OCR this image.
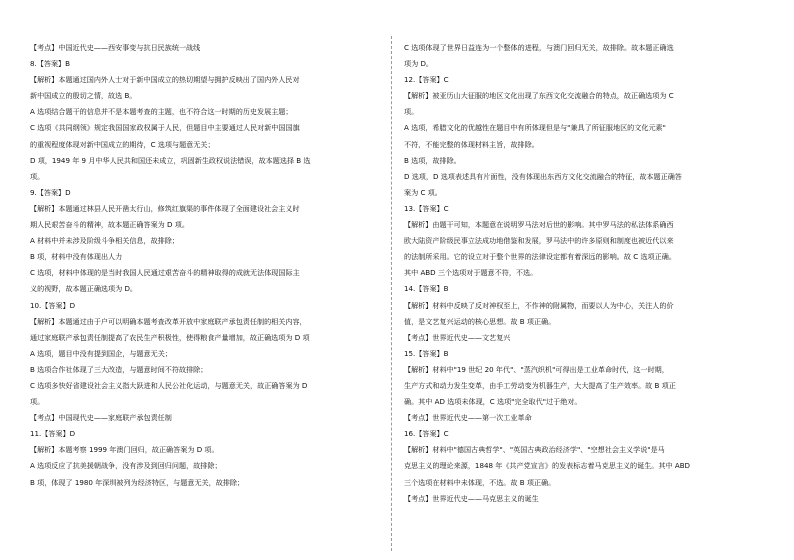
【考点】中国近代史——西安事变与抗日民族统一战线
8.【答案】B
【解析】本题通过国内外人士对于新中国成立的热切期望与拥护反映出了国内外人民对
新中国成立的殷切之情，故选 B。
A 选项结合题干的信息并不是本题考查的主题，也不符合这一时期的历史发展主题；
C 选项《共同纲领》规定我国国家政权属于人民，但题目中主要通过人民对新中国国旗
的重视程度体现对新中国成立的期待，C 选项与题意无关；
D 项，1949 年 9 月中华人民共和国还未成立，巩固新生政权说法错误，故本题选择 B 选
项。
9.【答案】D
【解析】本题通过林县人民开凿太行山，修筑红旗渠的事件体现了全面建设社会主义时
期人民艰苦奋斗的精神，故本题正确答案为 D 项。
A 材料中并未涉及阶级斗争相关信息，故排除；
B 项，材料中没有体现出人力
C 选项，材料中体现的是当时我国人民通过艰苦奋斗的精神取得的成就无法体现国际主
义的视野，故本题正确选项为 D。
10.【答案】D
【解析】本题通过由于户可以明确本题考查改革开放中家庭联产承包责任制的相关内容，
通过家庭联产承包责任制提高了农民生产积极性，使得粮食产量增加，故正确选项为 D 项
A 选项，题目中没有提到国企，与题意无关；
B 选项合作社体现了三大改造，与题意时间不符故排除；
C 选项多快好省建设社会主义指大跃进和人民公社化运动，与题意无关，故正确答案为 D
项。
【考点】中国现代史——家庭联产承包责任制
11.【答案】D
【解析】本题考察 1999 年澳门回归，故正确答案为 D 项。
A 选项反应了抗美援朝战争，没有涉及到回归问题，故排除；
B 项，体现了 1980 年深圳被列为经济特区，与题意无关，故排除；
C 选项体现了世界日益连为一个整体的进程，与澳门回归无关，故排除。故本题正确选
项为 D。
12.【答案】C
【解析】被亚历山大征服的地区文化出现了东西文化交流融合的特点，故正确选项为 C
项。
A 选项，希腊文化的优越性在题目中有所体现但是与"兼具了所征服地区的文化元素"
不符，不能完整的体现材料主旨，故排除。
B 选项，故排除。
D 选项，D 选项表述具有片面性，没有体现出东西方文化交流融合的特征，故本题正确答
案为 C 项。
13.【答案】C
【解析】由题干可知，本题意在说明罗马法对后世的影响。其中罗马法的私法体系确西
欧大陆资产阶级民事立法成功地借鉴和发展，罗马法中的许多原则和制度也被近代以来
的法制所采用。它的设立对于整个世界的法律设定都有着深远的影响。故 C 选项正确。
其中 ABD 三个选项对于题意不符，不选。
14.【答案】B
【解析】材料中反映了反对神权至上，不作神的附属物，而要以人为中心，关注人的价
值，是文艺复兴运动的核心思想。故 B 项正确。
【考点】世界近代史——文艺复兴
15.【答案】B
【解析】材料中"19 世纪 20 年代"、"蒸汽织机"可得出是工业革命时代，这一时期，
生产方式和动力发生变革，由手工劳动变为机器生产，大大提高了生产效率。故 B 项正
确。其中 AD 选项未体现，C 选项"完全取代"过于绝对。
【考点】世界近代史——第一次工业革命
16.【答案】C
【解析】材料中"德国古典哲学"、"英国古典政治经济学"、"空想社会主义学说"是马
克思主义的理论来源，1848 年《共产党宣言》的发表标志着马克思主义的诞生。其中 ABD
三个选项在材料中未体现，不选。故 B 项正确。
【考点】世界近代史——马克思主义的诞生
